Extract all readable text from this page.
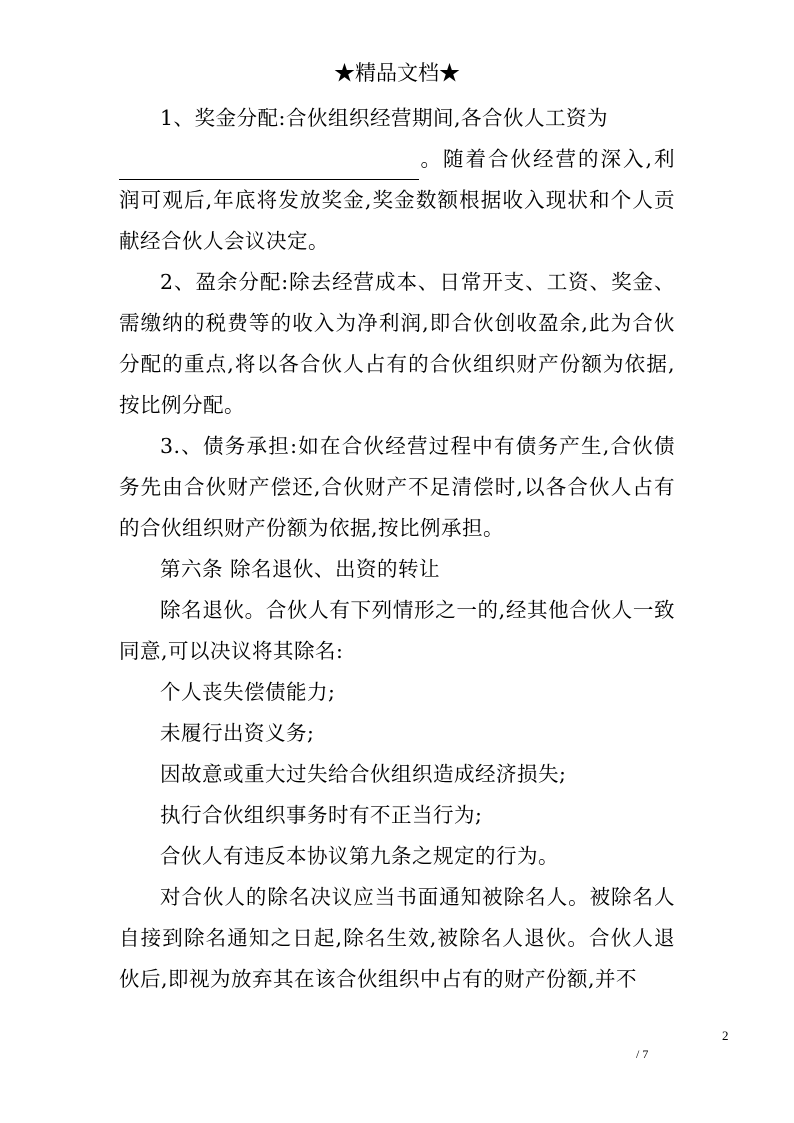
★精品文档★

1、奖金分配:合伙组织经营期间,各合伙人工资为
。随着合伙经营的深入,利润可观后,年底将发放奖金,奖金数额根据收入现状和个人贡献经合伙人会议决定。

2、盈余分配:除去经营成本、日常开支、工资、奖金、需缴纳的税费等的收入为净利润,即合伙创收盈余,此为合伙分配的重点,将以各合伙人占有的合伙组织财产份额为依据,按比例分配。

3.、债务承担:如在合伙经营过程中有债务产生,合伙债务先由合伙财产偿还,合伙财产不足清偿时,以各合伙人占有的合伙组织财产份额为依据,按比例承担。

第六条 除名退伙、出资的转让

除名退伙。合伙人有下列情形之一的,经其他合伙人一致同意,可以决议将其除名:

个人丧失偿债能力;

未履行出资义务;

因故意或重大过失给合伙组织造成经济损失;

执行合伙组织事务时有不正当行为;

合伙人有违反本协议第九条之规定的行为。

对合伙人的除名决议应当书面通知被除名人。被除名人自接到除名通知之日起,除名生效,被除名人退伙。合伙人退伙后,即视为放弃其在该合伙组织中占有的财产份额,并不

2
/ 7
